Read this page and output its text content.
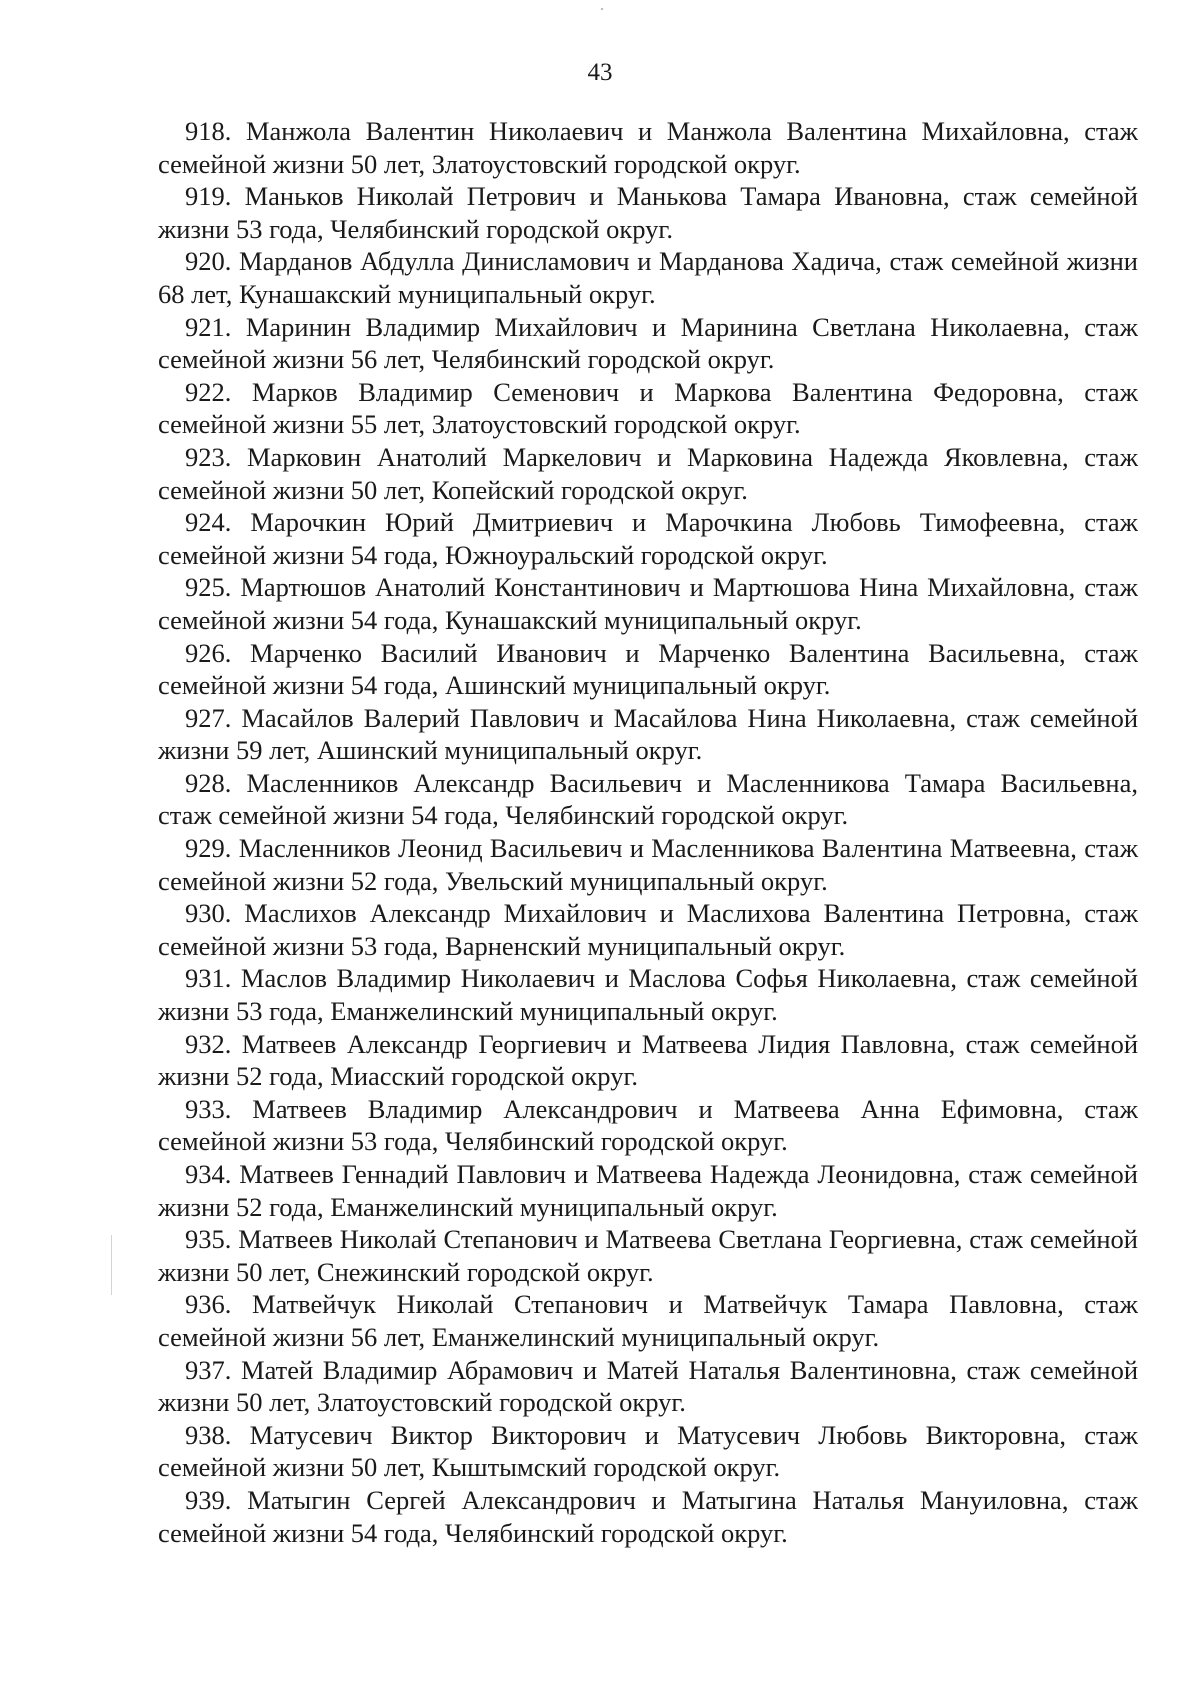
43

918. Манжола Валентин Николаевич и Манжола Валентина Михайловна, стаж семейной жизни 50 лет, Златоустовский городской округ.

919. Маньков Николай Петрович и Манькова Тамара Ивановна, стаж семейной жизни 53 года, Челябинский городской округ.

920. Марданов Абдулла Динисламович и Марданова Хадича, стаж семейной жизни 68 лет, Кунашакский муниципальный округ.

921. Маринин Владимир Михайлович и Маринина Светлана Николаевна, стаж семейной жизни 56 лет, Челябинский городской округ.

922. Марков Владимир Семенович и Маркова Валентина Федоровна, стаж семейной жизни 55 лет, Златоустовский городской округ.

923. Марковин Анатолий Маркелович и Марковина Надежда Яковлевна, стаж семейной жизни 50 лет, Копейский городской округ.

924. Марочкин Юрий Дмитриевич и Марочкина Любовь Тимофеевна, стаж семейной жизни 54 года, Южноуральский городской округ.

925. Мартюшов Анатолий Константинович и Мартюшова Нина Михайловна, стаж семейной жизни 54 года, Кунашакский муниципальный округ.

926. Марченко Василий Иванович и Марченко Валентина Васильевна, стаж семейной жизни 54 года, Ашинский муниципальный округ.

927. Масайлов Валерий Павлович и Масайлова Нина Николаевна, стаж семейной жизни 59 лет, Ашинский муниципальный округ.

928. Масленников Александр Васильевич и Масленникова Тамара Васильевна, стаж семейной жизни 54 года, Челябинский городской округ.

929. Масленников Леонид Васильевич и Масленникова Валентина Матвеевна, стаж семейной жизни 52 года, Увельский муниципальный округ.

930. Маслихов Александр Михайлович и Маслихова Валентина Петровна, стаж семейной жизни 53 года, Варненский муниципальный округ.

931. Маслов Владимир Николаевич и Маслова Софья Николаевна, стаж семейной жизни 53 года, Еманжелинский муниципальный округ.

932. Матвеев Александр Георгиевич и Матвеева Лидия Павловна, стаж семейной жизни 52 года, Миасский городской округ.

933. Матвеев Владимир Александрович и Матвеева Анна Ефимовна, стаж семейной жизни 53 года, Челябинский городской округ.

934. Матвеев Геннадий Павлович и Матвеева Надежда Леонидовна, стаж семейной жизни 52 года, Еманжелинский муниципальный округ.

935. Матвеев Николай Степанович и Матвеева Светлана Георгиевна, стаж семейной жизни 50 лет, Снежинский городской округ.

936. Матвейчук Николай Степанович и Матвейчук Тамара Павловна, стаж семейной жизни 56 лет, Еманжелинский муниципальный округ.

937. Матей Владимир Абрамович и Матей Наталья Валентиновна, стаж семейной жизни 50 лет, Златоустовский городской округ.

938. Матусевич Виктор Викторович и Матусевич Любовь Викторовна, стаж семейной жизни 50 лет, Кыштымский городской округ.

939. Матыгин Сергей Александрович и Матыгина Наталья Мануиловна, стаж семейной жизни 54 года, Челябинский городской округ.
